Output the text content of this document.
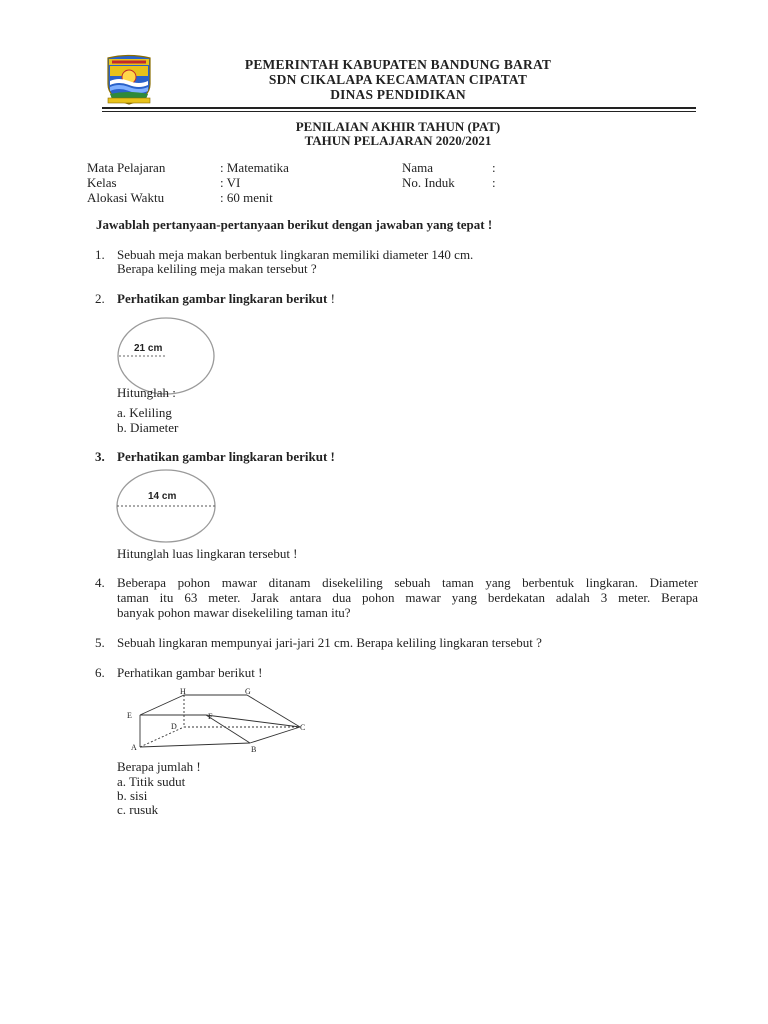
PEMERINTAH KABUPATEN BANDUNG BARAT
SDN CIKALAPA KECAMATAN CIPATAT
DINAS PENDIDIKAN
PENILAIAN AKHIR TAHUN (PAT)
TAHUN PELAJARAN 2020/2021
Mata Pelajaran	: Matematika
Kelas	: VI
Alokasi Waktu	: 60 menit
Nama	:
No. Induk	:
Jawablah pertanyaan-pertanyaan berikut dengan jawaban yang tepat !
1. Sebuah meja makan berbentuk lingkaran memiliki diameter 140 cm.
Berapa keliling meja makan tersebut ?
2. Perhatikan gambar lingkaran berikut !
21 cm
Hitunglah :
a. Keliling
b. Diameter
3. Perhatikan gambar lingkaran berikut !
14 cm
Hitunglah luas lingkaran tersebut !
4. Beberapa pohon mawar ditanam disekeliling sebuah taman yang berbentuk lingkaran. Diameter
taman itu 63 meter. Jarak antara dua pohon mawar yang berdekatan adalah 3 meter. Berapa
banyak pohon mawar disekeliling taman itu?
5. Sebuah lingkaran mempunyai jari-jari 21 cm. Berapa keliling lingkaran tersebut ?
6. Perhatikan gambar berikut !
H	G
E	F
D	C
A	B
Berapa jumlah !
a. Titik sudut
b. sisi
c. rusuk
